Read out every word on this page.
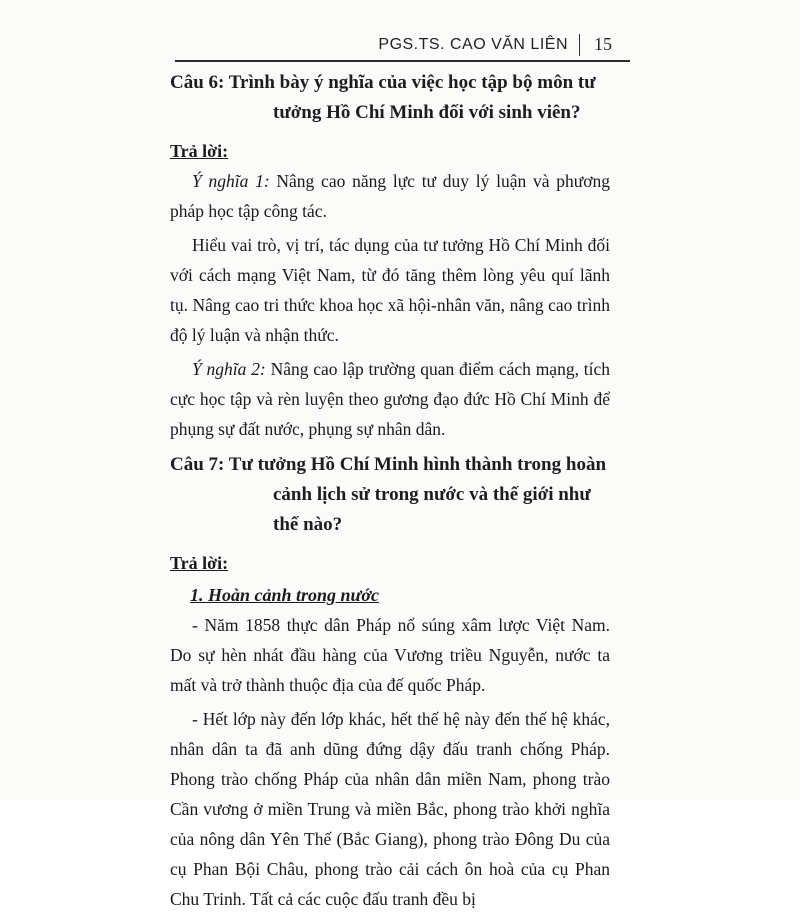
PGS.TS. CAO VĂN LIÊN 15
Câu 6: Trình bày ý nghĩa của việc học tập bộ môn tư
tưởng Hồ Chí Minh đối với sinh viên?
Trả lời:

Ý nghĩa 1: Nâng cao năng lực tư duy lý luận và phương pháp học tập công tác.

Hiểu vai trò, vị trí, tác dụng của tư tưởng Hồ Chí Minh đối với cách mạng Việt Nam, từ đó tăng thêm lòng yêu quí lãnh tụ. Nâng cao tri thức khoa học xã hội-nhân văn, nâng cao trình độ lý luận và nhận thức.

Ý nghĩa 2: Nâng cao lập trường quan điểm cách mạng, tích cực học tập và rèn luyện theo gương đạo đức Hồ Chí Minh để phụng sự đất nước, phụng sự nhân dân.

Câu 7: Tư tưởng Hồ Chí Minh hình thành trong hoàn
cảnh lịch sử trong nước và thế giới như thế nào?
Trả lời:
1. Hoàn cảnh trong nước

- Năm 1858 thực dân Pháp nổ súng xâm lược Việt Nam. Do sự hèn nhát đầu hàng của Vương triều Nguyễn, nước ta mất và trở thành thuộc địa của đế quốc Pháp.

- Hết lớp này đến lớp khác, hết thế hệ này đến thế hệ khác, nhân dân ta đã anh dũng đứng dậy đấu tranh chống Pháp. Phong trào chống Pháp của nhân dân miền Nam, phong trào Cần vương ở miền Trung và miền Bắc, phong trào khởi nghĩa của nông dân Yên Thế (Bắc Giang), phong trào Đông Du của cụ Phan Bội Châu, phong trào cải cách ôn hoà của cụ Phan Chu Trinh. Tất cả các cuộc đấu tranh đều bị
